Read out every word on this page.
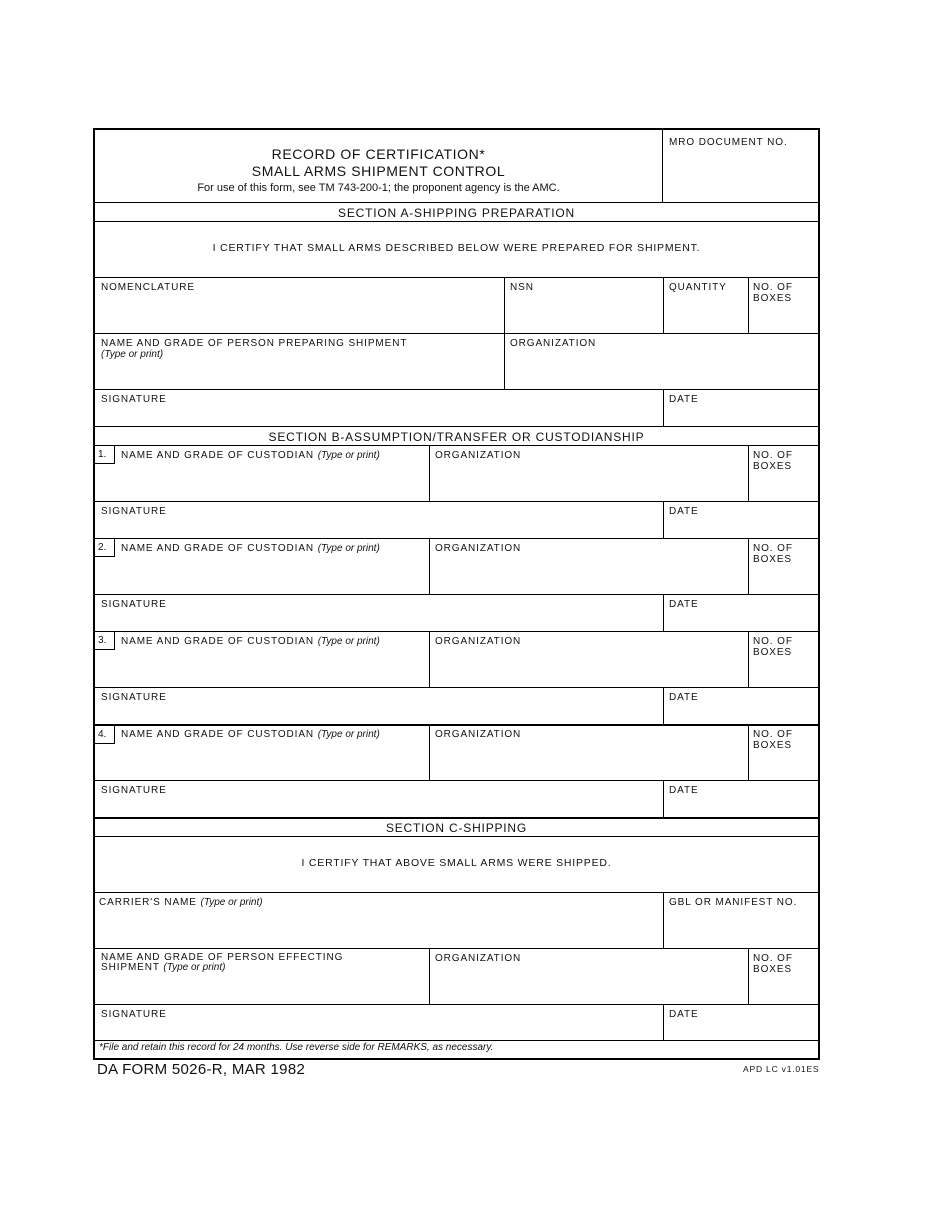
RECORD OF CERTIFICATION*
SMALL ARMS SHIPMENT CONTROL
For use of this form, see TM 743-200-1; the proponent agency is the AMC.
MRO DOCUMENT NO.
SECTION A-SHIPPING PREPARATION
I CERTIFY THAT SMALL ARMS DESCRIBED BELOW WERE PREPARED FOR SHIPMENT.
NOMENCLATURE	NSN	QUANTITY	NO. OF
BOXES
NAME AND GRADE OF PERSON PREPARING SHIPMENT
(Type or print)
ORGANIZATION
SIGNATURE	DATE
SECTION B-ASSUMPTION/TRANSFER OR CUSTODIANSHIP
1.	NAME AND GRADE OF CUSTODIAN (Type or print)	ORGANIZATION	NO. OF
BOXES
SIGNATURE	DATE
2.	NAME AND GRADE OF CUSTODIAN (Type or print)	ORGANIZATION	NO. OF
BOXES
SIGNATURE	DATE
3.	NAME AND GRADE OF CUSTODIAN (Type or print)	ORGANIZATION	NO. OF
BOXES
SIGNATURE	DATE
4.	NAME AND GRADE OF CUSTODIAN (Type or print)	ORGANIZATION	NO. OF
BOXES
SIGNATURE	DATE
SECTION C-SHIPPING
I CERTIFY THAT ABOVE SMALL ARMS WERE SHIPPED.
CARRIER'S NAME (Type or print)	GBL OR MANIFEST NO.
NAME AND GRADE OF PERSON EFFECTING
SHIPMENT (Type or print)
ORGANIZATION	NO. OF
BOXES
SIGNATURE	DATE
*File and retain this record for 24 months. Use reverse side for REMARKS, as necessary.
DA FORM 5026-R, MAR 1982	APD LC v1.01ES
